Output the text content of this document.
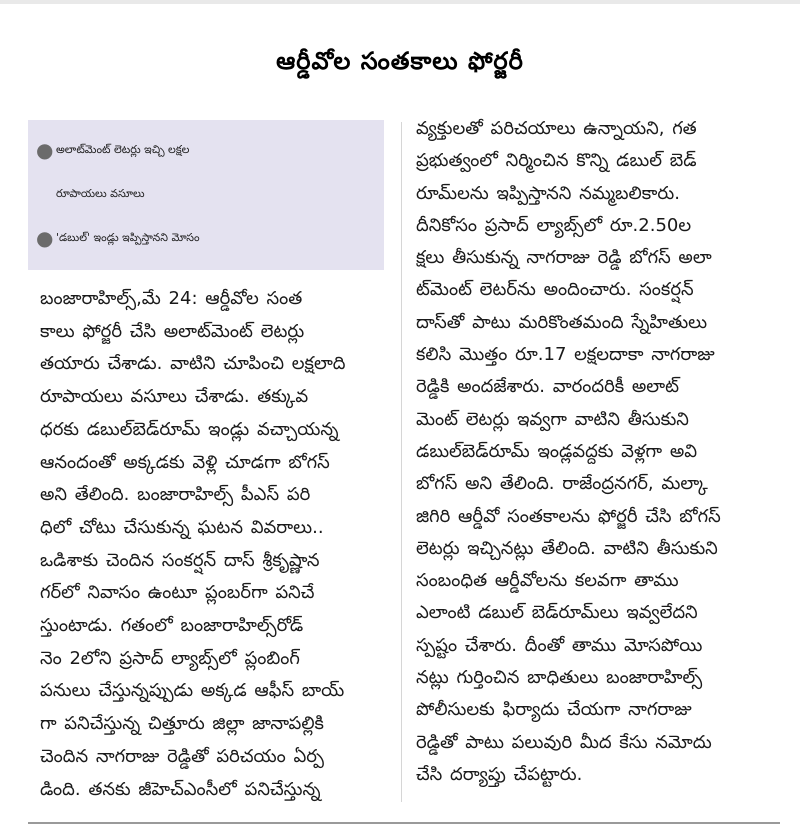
ఆర్డీవోల సంతకాలు ఫోర్జరీ
● అలాట్‌మెంట్ లెటర్లు ఇచ్చి లక్షల
రూపాయలు వసూలు
● 'డబుల్' ఇండ్లు ఇప్పిస్తానని మోసం
బంజారాహిల్స్,మే 24: ఆర్డీవోల సంత
కాలు ఫోర్జరీ చేసి అలాట్‌మెంట్ లెటర్లు
తయారు చేశాడు. వాటిని చూపించి లక్షలాది
రూపాయలు వసూలు చేశాడు. తక్కువ
ధరకు డబుల్‌బెడ్‌రూమ్ ఇండ్లు వచ్చాయన్న
ఆనందంతో అక్కడకు వెళ్లి చూడగా బోగస్
అని తేలింది. బంజారాహిల్స్ పీఎస్ పరి
ధిలో చోటు చేసుకున్న ఘటన వివరాలు..
ఒడిశాకు చెందిన సంకర్షన్ దాస్ శ్రీకృష్ణాన
గర్‌లో నివాసం ఉంటూ ప్లంబర్‌గా పనిచే
స్తుంటాడు. గతంలో బంజారాహిల్స్‌రోడ్
నెం 2లోని ప్రసాద్ ల్యాబ్స్‌లో ప్లంబింగ్
పనులు చేస్తున్నప్పుడు అక్కడ ఆఫీస్ బాయ్
గా పనిచేస్తున్న చిత్తూరు జిల్లా జానాపల్లికి
చెందిన నాగరాజు రెడ్డితో పరిచయం ఏర్ప
డింది. తనకు జీహెచ్ఎంసీలో పనిచేస్తున్న
వ్యక్తులతో పరిచయాలు ఉన్నాయని, గత
ప్రభుత్వంలో నిర్మించిన కొన్ని డబుల్ బెడ్
రూమ్‌లను ఇప్పిస్తానని నమ్మబలికారు.
దీనికోసం ప్రసాద్ ల్యాబ్స్‌లో రూ.2.50ల
క్షలు తీసుకున్న నాగరాజు రెడ్డి బోగస్ అలా
ట్‌మెంట్ లెటర్‌ను అందించారు. సంకర్షన్
దాస్‌తో పాటు మరికొంతమంది స్నేహితులు
కలిసి మొత్తం రూ.17 లక్షలదాకా నాగరాజు
రెడ్డికి అందజేశారు. వారందరికీ అలాట్
మెంట్ లెటర్లు ఇవ్వగా వాటిని తీసుకుని
డబుల్‌బెడ్‌రూమ్ ఇండ్లవద్దకు వెళ్లగా అవి
బోగస్ అని తేలింది. రాజేంద్రనగర్, మల్కా
జిగిరి ఆర్డీవో సంతకాలను ఫోర్జరీ చేసి బోగస్
లెటర్లు ఇచ్చినట్లు తేలింది. వాటిని తీసుకుని
సంబంధిత ఆర్డీవోలను కలవగా తాము
ఎలాంటి డబుల్ బెడ్‌రూమ్‌లు ఇవ్వలేదని
స్పష్టం చేశారు. దీంతో తాము మోసపోయి
నట్లు గుర్తించిన బాధితులు బంజారాహిల్స్
పోలీసులకు ఫిర్యాదు చేయగా నాగరాజు
రెడ్డితో పాటు పలువురి మీద కేసు నమోదు
చేసి దర్యాప్తు చేపట్టారు.
